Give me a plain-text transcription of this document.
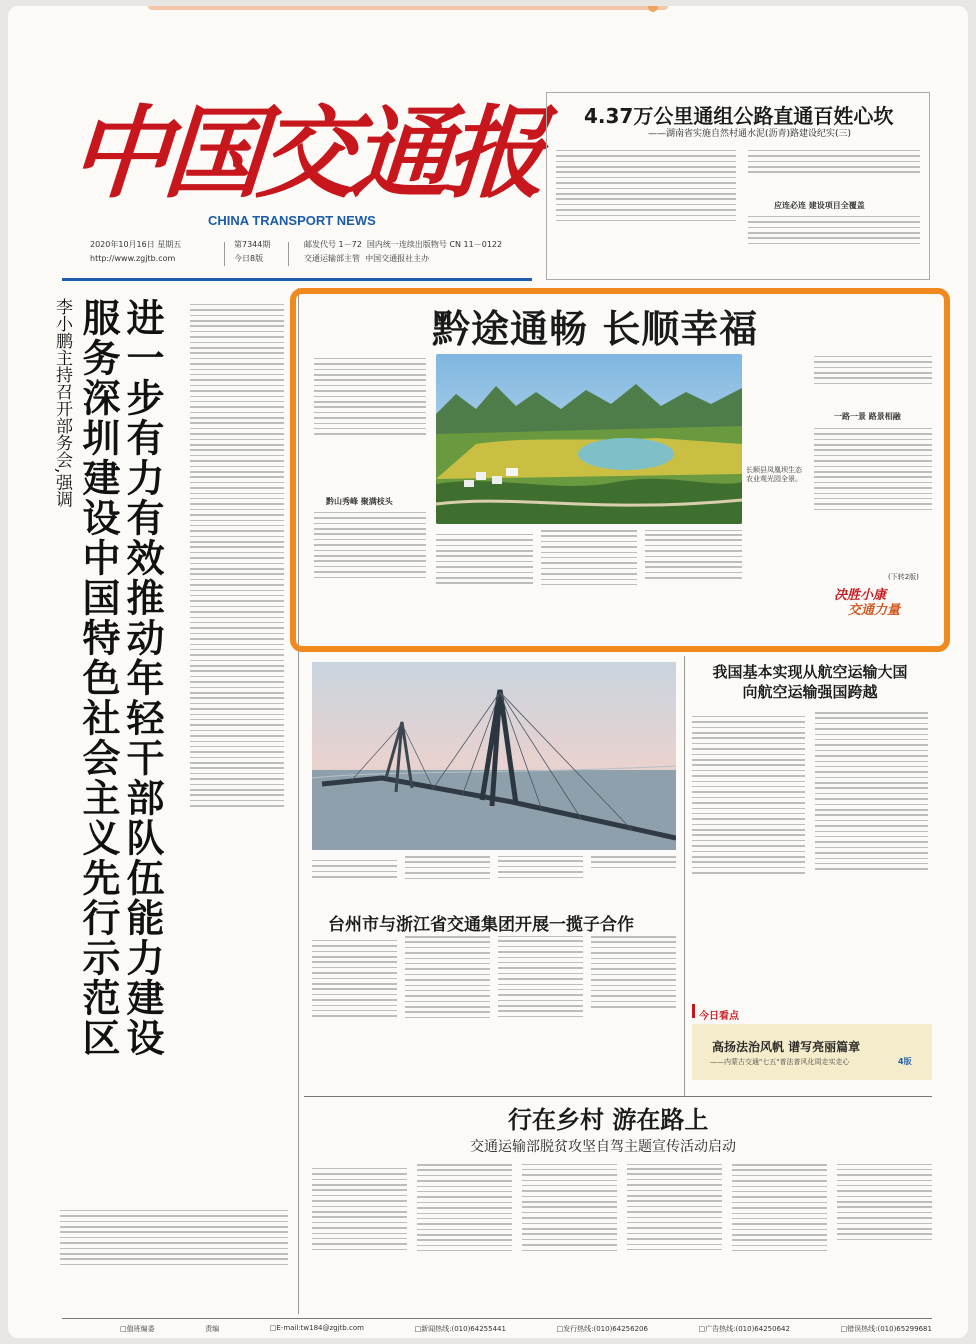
中国交通报
CHINA TRANSPORT NEWS
2020年10月16日 星期五
http://www.zgjtb.com
第7344期
今日8版
邮发代号 1－72 国内统一连续出版物号 CN 11－0122
交通运输部主管 中国交通报社主办
4.37万公里通组公路直通百姓心坎
——湖南省实施自然村通水泥(沥青)路建设纪实(三)
应连必连 建设项目全覆盖
进一步有力有效推动年轻干部队伍能力建设
服务深圳建设中国特色社会主义先行示范区
李小鹏主持召开部务会,强调	黔途通畅 长顺幸福
黔山秀峰 聚满枝头
长顺县凤凰坝生态农业观光园全景。
一路一景 路景相融
(下转2版)
决胜小康
交通力量
我国基本实现从航空运输大国
向航空运输强国跨越
台州市与浙江省交通集团开展一揽子合作
今日看点
高扬法治风帆 谱写亮丽篇章
——内蒙古交通"七五"普法普风化周走实走心	4版
行在乡村 游在路上
交通运输部脱贫攻坚自驾主题宣传活动启动
□值班编委	责编	□E-mail:tw184@zgjtb.com	□新闻热线:(010)64255441	□发行热线:(010)64256206	□广告热线:(010)64250642	□错误热线:(010)65299681
